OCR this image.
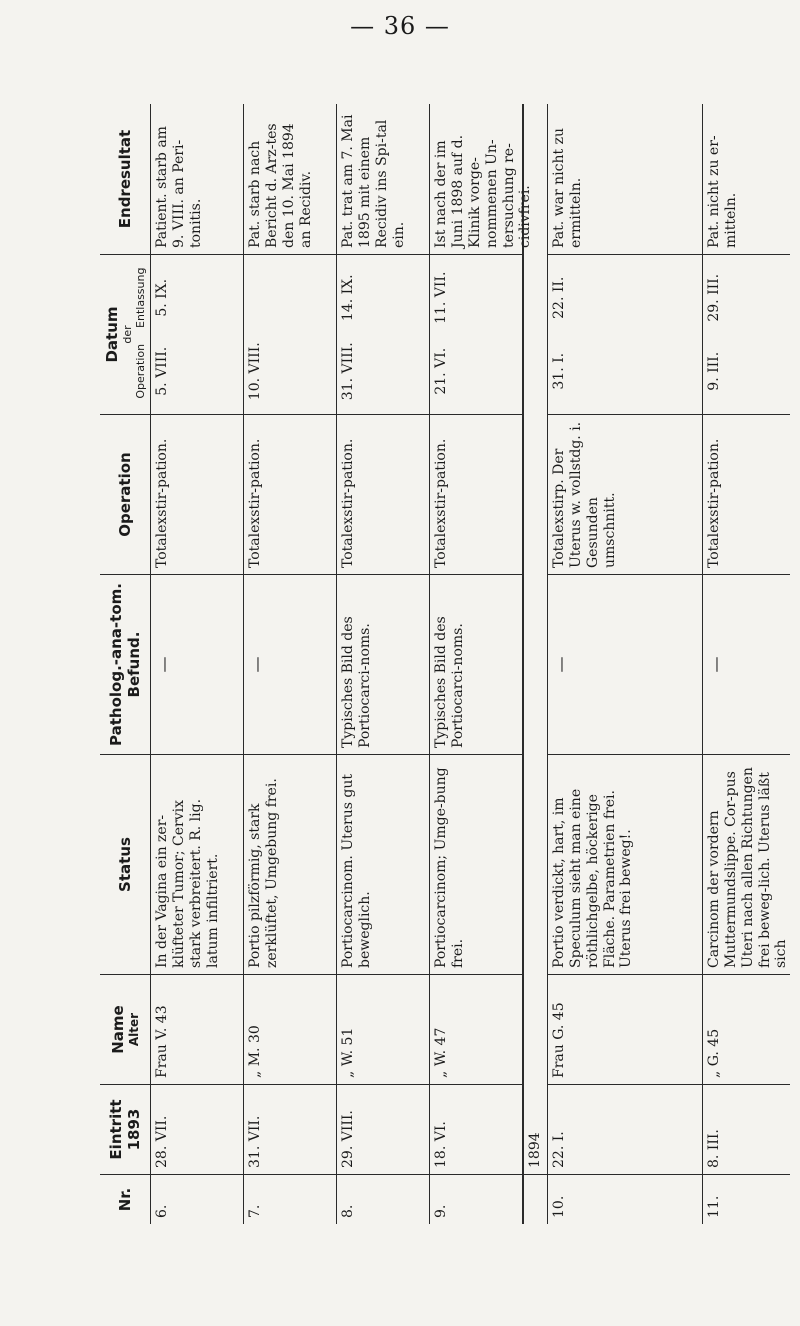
— 36 —
Nr.
Eintritt 1893
Name Alter
Status
Patholog.-ana-tom. Befund.
Operation
Datum der
Operation
Entlassung
Endresultat
6.
28. VII.
Frau V. 43
In der Vagina ein zer-klüfteter Tumor; Cervix stark verbreitert. R. lig. latum infiltriert.
—
Totalexstir-pation.
5. VIII.
5. IX.
Patient. starb am 9. VIII. an Peri-tonitis.
7.
31. VII.
„ M. 30
Portio pilzförmig, stark zerklüftet, Umgebung frei.
—
Totalexstir-pation.
10. VIII.
Pat. starb nach Bericht d. Arz-tes den 10. Mai 1894 an Recidiv.
8.
29. VIII.
„ W. 51
Portiocarcinom. Uterus gut beweglich.
Typisches Bild des Portiocarci-noms.
Totalexstir-pation.
31. VIII.
14. IX.
Pat. trat am 7. Mai 1895 mit einem Recidiv ins Spi-tal ein.
9.
18. VI.
„ W. 47
Portiocarcinom; Umge-bung frei.
Typisches Bild des Portiocarci-noms.
Totalexstir-pation.
21. VI.
11. VII.
Ist nach der im Juni 1898 auf d. Klinik vorge-nommenen Un-tersuchung re-cidivfrei.
1894
10.
22. I.
Frau G. 45
Portio verdickt, hart, im Speculum sieht man eine röthlichgelbe, höckerige Fläche. Parametrien frei. Uterus frei beweg!.
—
Totalexstirp. Der Uterus w. vollstdg. i. Gesunden umschnitt.
31. I.
22. II.
Pat. war nicht zu ermitteln.
11.
8. III.
„ G. 45
Carcinom der vordern Muttermundslippe. Cor-pus Uteri nach allen Richtungen frei beweg-lich. Uterus läßt sich
—
Totalexstir-pation.
9. III.
29. III.
Pat. nicht zu er-mitteln.
